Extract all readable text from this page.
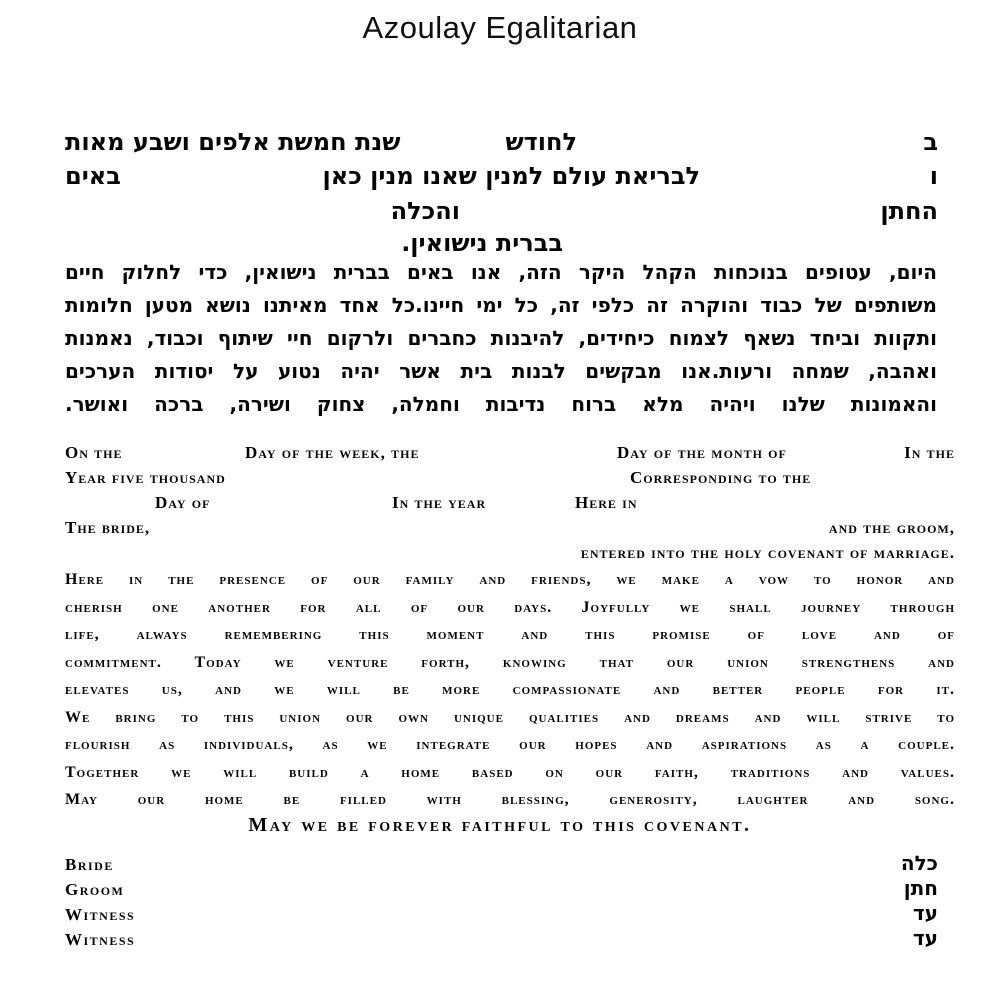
Azoulay Egalitarian
ב
לחודש
שנת חמשת אלפים ושבע מאות
ו
לבריאת עולם למנין שאנו מנין כאן
באים
החתן
והכלה
בברית נישואין.
היום, עטופים בנוכחות הקהל היקר הזה, אנו באים בברית נישואין, כדי לחלוק חיים
משותפים של כבוד והוקרה זה כלפי זה, כל ימי חיינו.כל אחד מאיתנו נושא מטען חלומות
ותקוות וביחד נשאף לצמוח כיחידים, להיבנות כחברים ולרקום חיי שיתוף וכבוד, נאמנות
ואהבה, שמחה ורעות.אנו מבקשים לבנות בית אשר יהיה נטוע על יסודות הערכים
והאמונות שלנו ויהיה מלא ברוח נדיבות וחמלה, צחוק ושירה, ברכה ואושר.
On the	Day of the week, the	Day of the month of	In the
Year five thousand	Corresponding to the
Day of	In the year	Here in
The bride,	and the groom,
entered into the holy covenant of marriage.
Here in the presence of our family and friends, we make a vow to honor and
cherish one another for all of our days. Joyfully we shall journey through
life, always remembering this moment and this promise of love and of
commitment. Today we venture forth, knowing that our union strengthens and
elevates us, and we will be more compassionate and better people for it.
We bring to this union our own unique qualities and dreams and will strive to
flourish as individuals, as we integrate our hopes and aspirations as a couple.
Together we will build a home based on our faith, traditions and values.
May our home be filled with blessing, generosity, laughter and song.
May we be forever faithful to this covenant.
Bride	כלה
Groom	חתן
Witness	עד
Witness	עד
